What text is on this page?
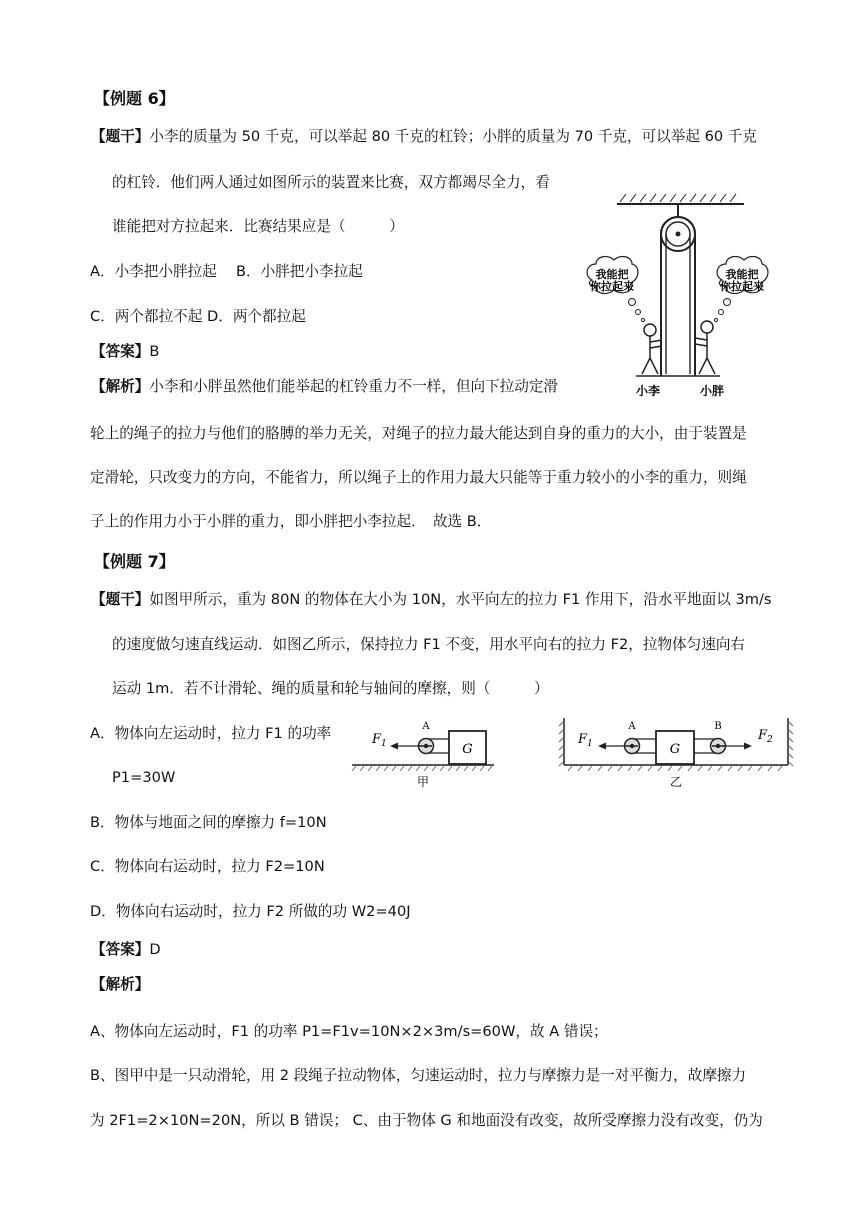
【例题 6】
【题干】小李的质量为 50 千克，可以举起 80 千克的杠铃；小胖的质量为 70 千克，可以举起 60 千克
的杠铃．他们两人通过如图所示的装置来比赛，双方都竭尽全力，看
谁能把对方拉起来．比赛结果应是（　　　）
A．小李把小胖拉起　 B．小胖把小李拉起
C．两个都拉不起 D．两个都拉起
【答案】B
【解析】小李和小胖虽然他们能举起的杠铃重力不一样，但向下拉动定滑
轮上的绳子的拉力与他们的胳膊的举力无关，对绳子的拉力最大能达到自身的重力的大小，由于装置是
定滑轮，只改变力的方向，不能省力，所以绳子上的作用力最大只能等于重力较小的小李的重力，则绳
子上的作用力小于小胖的重力，即小胖把小李拉起．　故选 B．
我能把
你拉起来
我能把
你拉起来
小李	小胖
【例题 7】
【题干】如图甲所示，重为 80N 的物体在大小为 10N，水平向左的拉力 F1 作用下，沿水平地面以 3m/s
的速度做匀速直线运动．如图乙所示，保持拉力 F1 不变，用水平向右的拉力 F2，拉物体匀速向右
运动 1m．若不计滑轮、绳的质量和轮与轴间的摩擦，则（　　　）
A．物体向左运动时，拉力 F1 的功率
P1=30W
B．物体与地面之间的摩擦力 f=10N
C．物体向右运动时，拉力 F2=10N
D．物体向右运动时，拉力 F2 所做的功 W2=40J
【答案】D
【解析】
A、物体向左运动时，F1 的功率 P1=F1v=10N×2×3m/s=60W，故 A 错误；
B、图甲中是一只动滑轮，用 2 段绳子拉动物体，匀速运动时，拉力与摩擦力是一对平衡力，故摩擦力
为 2F1=2×10N=20N，所以 B 错误； C、由于物体 G 和地面没有改变，故所受摩擦力没有改变，仍为
G
A
$F_1$
甲
G
A	B
$F_1$
$F_2$
乙
